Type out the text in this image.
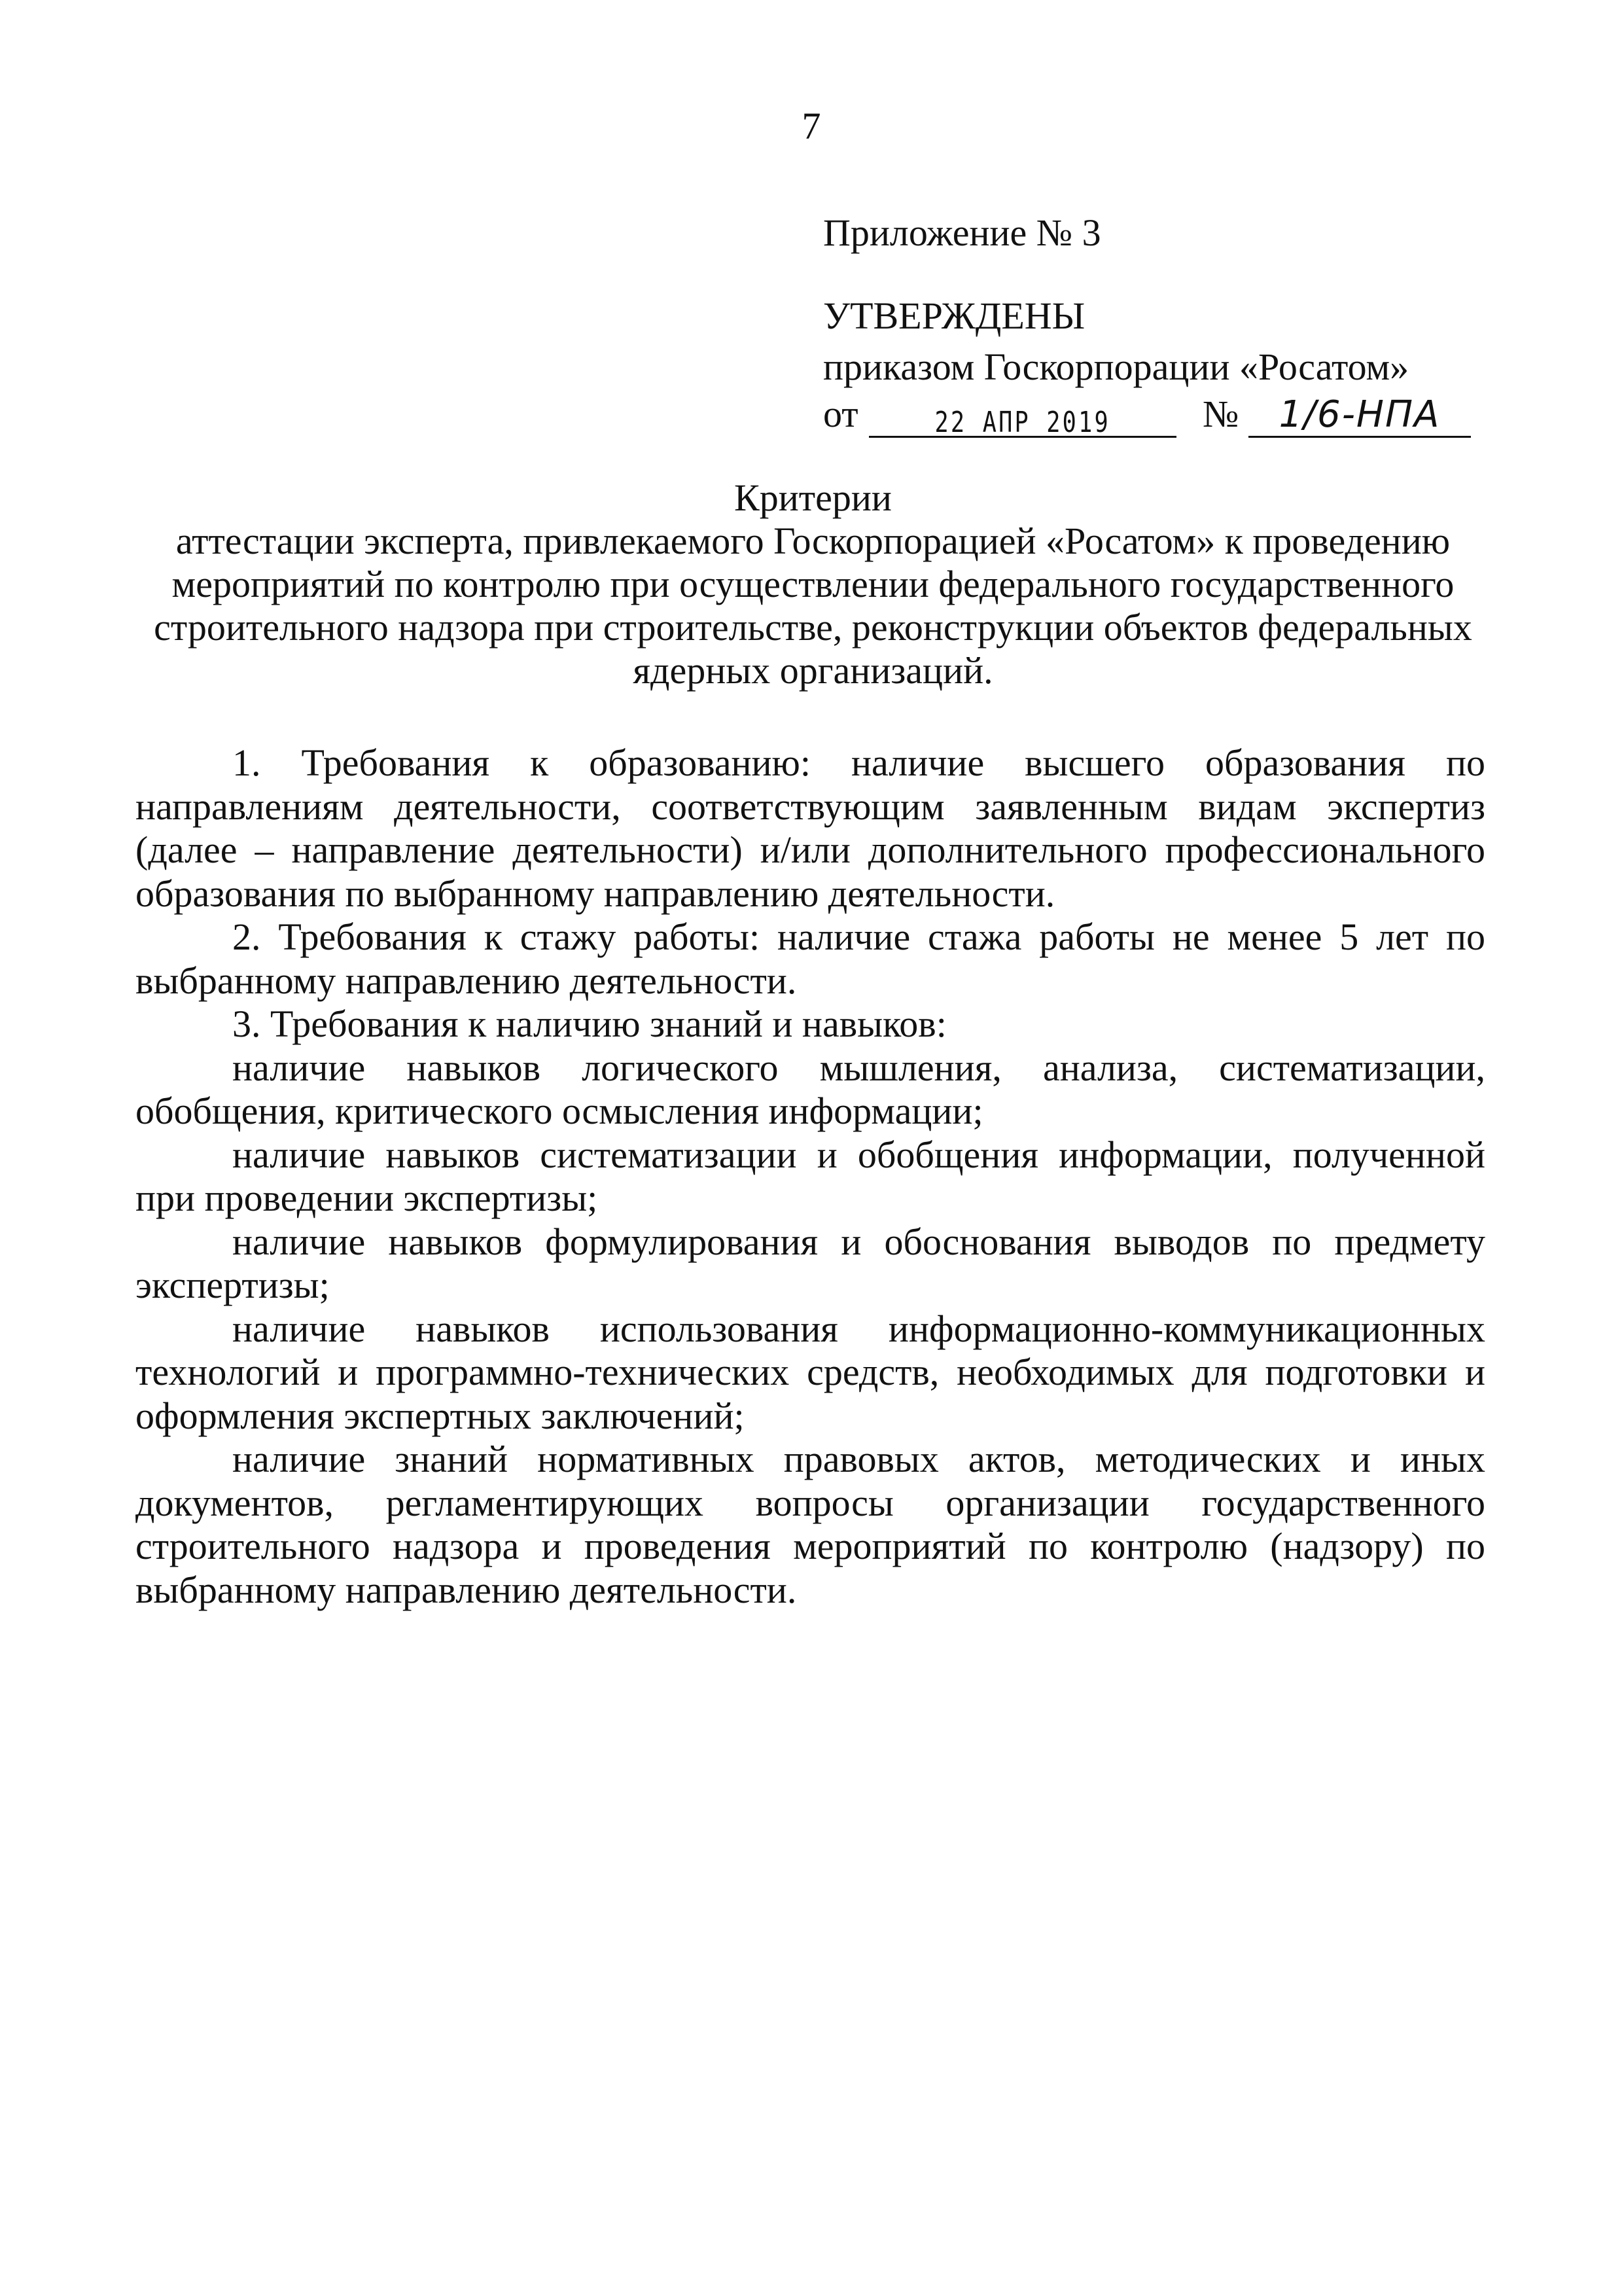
7
Приложение № 3
УТВЕРЖДЕНЫ
приказом Госкорпорации «Росатом»
от	22 АПР 2019	№	1/6-НПА
Критерии
аттестации эксперта, привлекаемого Госкорпорацией «Росатом» к проведению мероприятий по контролю при осуществлении федерального государственного строительного надзора при строительстве, реконструкции объектов федеральных ядерных организаций.

1. Требования к образованию: наличие высшего образования по направлениям деятельности, соответствующим заявленным видам экспертиз (далее – направление деятельности) и/или дополнительного профессионального образования по выбранному направлению деятельности.

2. Требования к стажу работы: наличие стажа работы не менее 5 лет по выбранному направлению деятельности.

3. Требования к наличию знаний и навыков:

наличие навыков логического мышления, анализа, систематизации, обобщения, критического осмысления информации;

наличие навыков систематизации и обобщения информации, полученной при проведении экспертизы;

наличие навыков формулирования и обоснования выводов по предмету экспертизы;

наличие навыков использования информационно-коммуникационных технологий и программно-технических средств, необходимых для подготовки и оформления экспертных заключений;

наличие знаний нормативных правовых актов, методических и иных документов, регламентирующих вопросы организации государственного строительного надзора и проведения мероприятий по контролю (надзору) по выбранному направлению деятельности.
